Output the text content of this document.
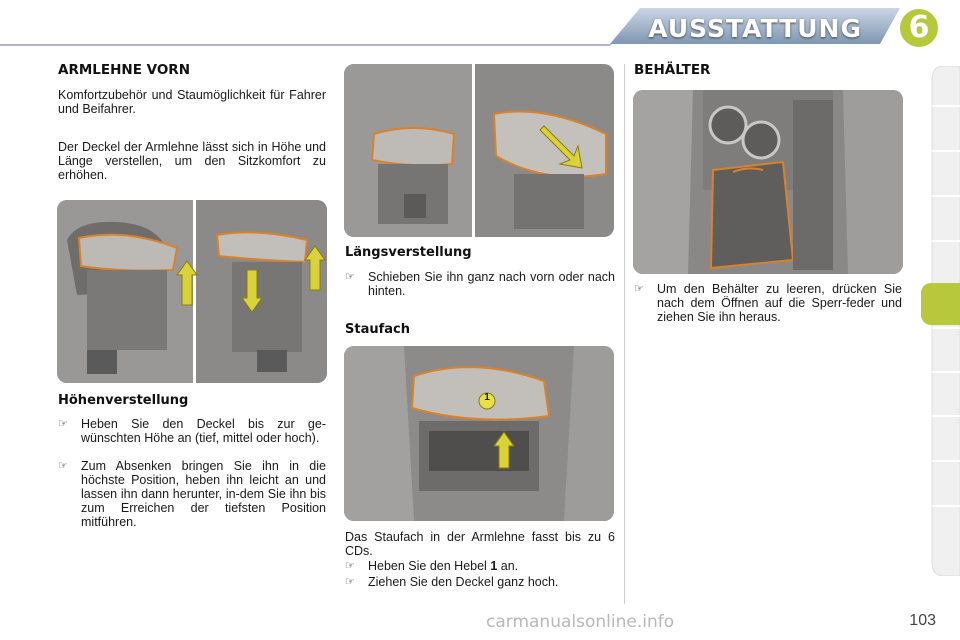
AUSSTATTUNG 6
ARMLEHNE VORN

Komfortzubehör und Staumöglichkeit für Fahrer und Beifahrer.

Der Deckel der Armlehne lässt sich in Höhe und Länge verstellen, um den Sitzkomfort zu erhöhen.

Höhenverstellung
☞ Heben Sie den Deckel bis zur ge-wünschten Höhe an (tief, mittel oder hoch).
☞ Zum Absenken bringen Sie ihn in die höchste Position, heben ihn leicht an und lassen ihn dann herunter, in-dem Sie ihn bis zum Erreichen der tiefsten Position mitführen.
Längsverstellung
☞ Schieben Sie ihn ganz nach vorn oder nach hinten.
Staufach
1

Das Staufach in der Armlehne fasst bis zu 6 CDs.

☞ Heben Sie den Hebel 1 an.
☞ Ziehen Sie den Deckel ganz hoch.
BEHÄLTER
☞ Um den Behälter zu leeren, drücken Sie nach dem Öffnen auf die Sperr-feder und ziehen Sie ihn heraus.
103
carmanualsonline.info
